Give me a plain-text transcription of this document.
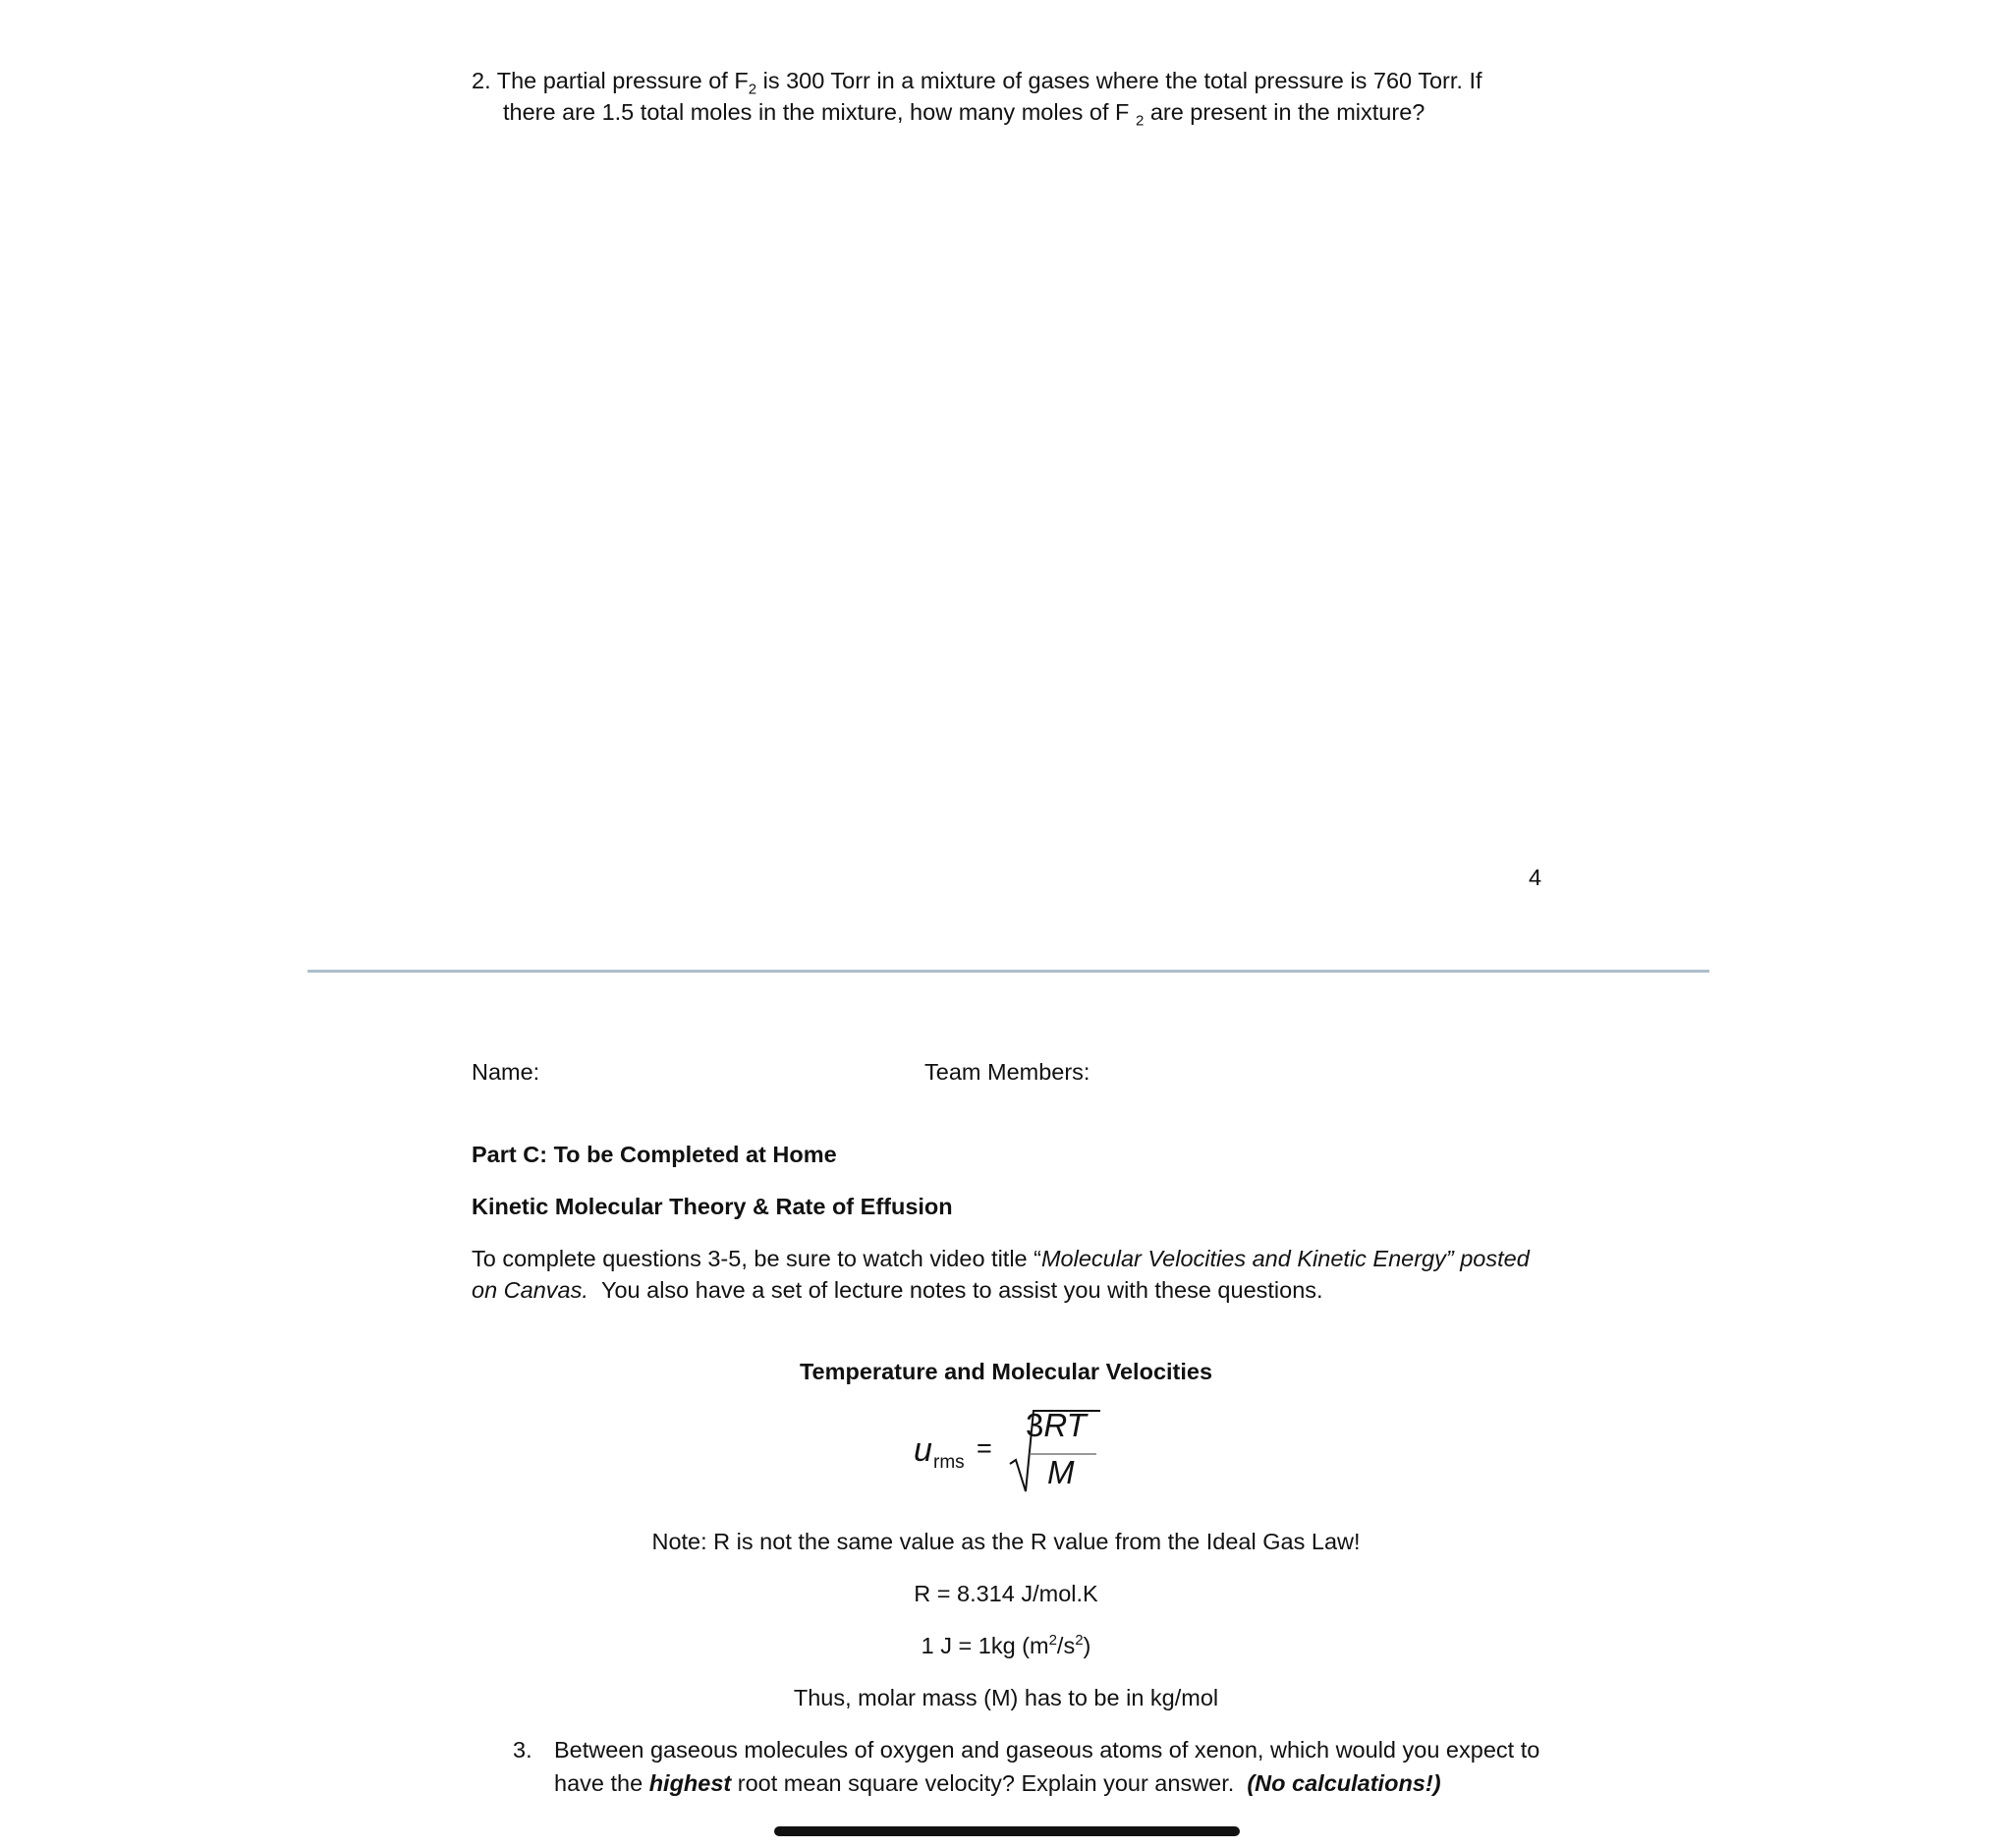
2. The partial pressure of $F_2$ is 300 Torr in a mixture of gases where the total pressure is 760 Torr. If
there are 1.5 total moles in the mixture, how many moles of F $_2$ are present in the mixture?
4
Name:	Team Members:
Part C: To be Completed at Home
Kinetic Molecular Theory & Rate of Effusion
To complete questions 3-5, be sure to watch video title “Molecular Velocities and Kinetic Energy” posted
on Canvas. You also have a set of lecture notes to assist you with these questions.
Temperature and Molecular Velocities
u rms =
3RT
M
Note: R is not the same value as the R value from the Ideal Gas Law!
R = 8.314 J/mol.K
1 J = 1kg $(m^2/s^2)$
Thus, molar mass (M) has to be in kg/mol
3. Between gaseous molecules of oxygen and gaseous atoms of xenon, which would you expect to
have the highest root mean square velocity? Explain your answer. (No calculations!)
